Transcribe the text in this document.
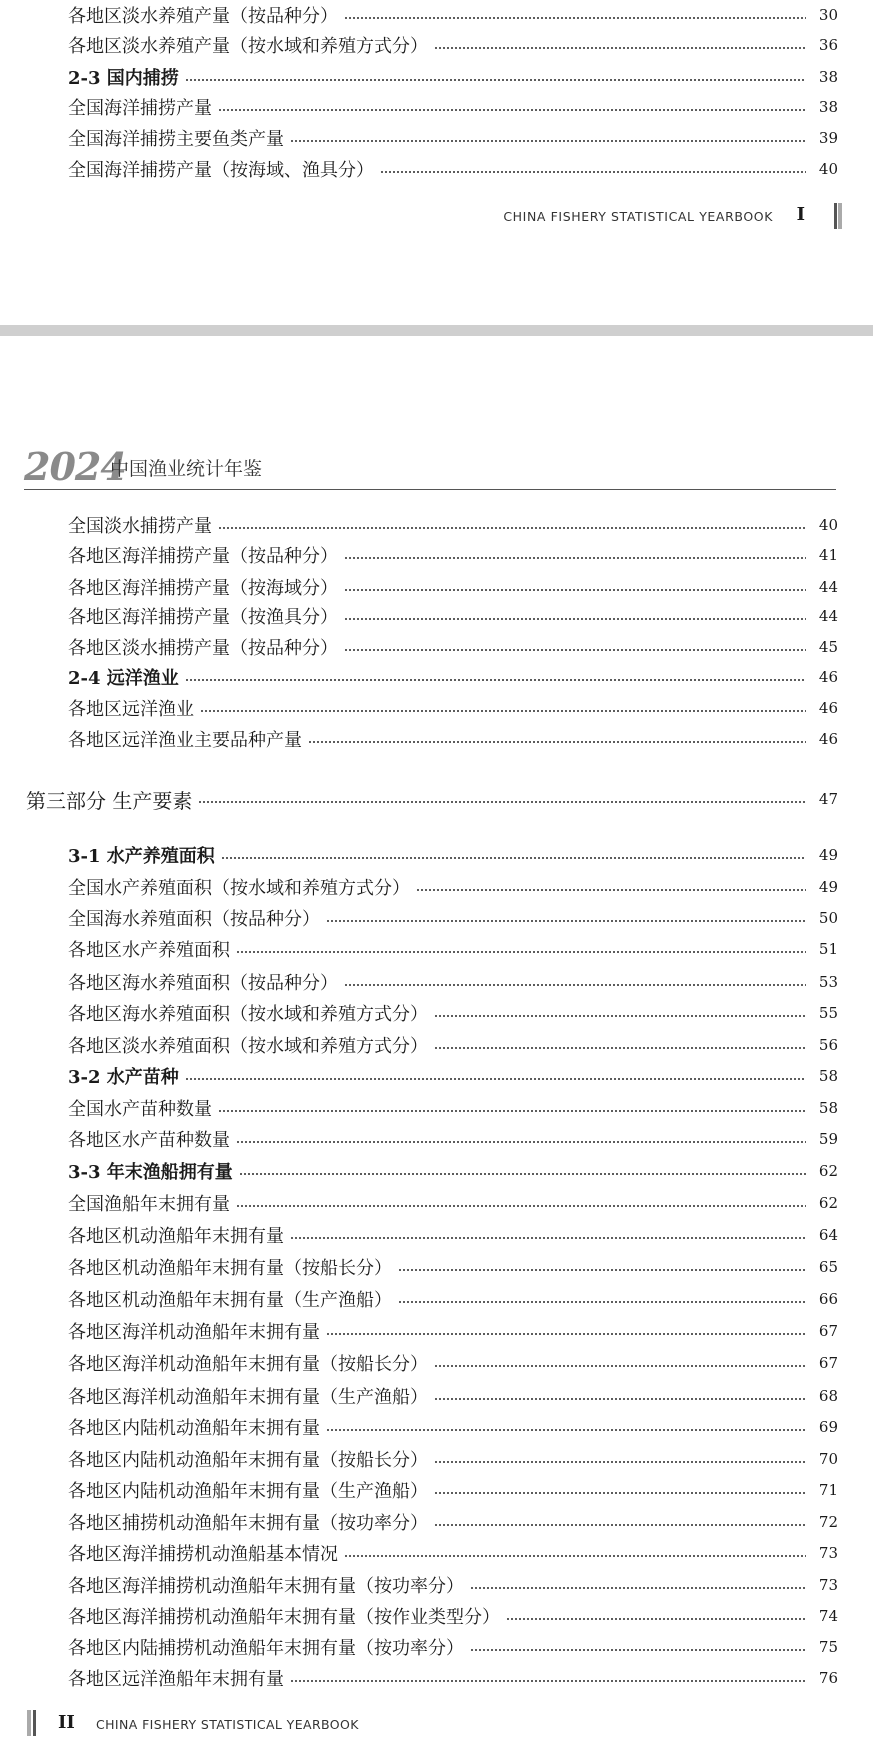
各地区淡水养殖产量（按品种分）	30
各地区淡水养殖产量（按水域和养殖方式分）	36
2-3 国内捕捞	38
全国海洋捕捞产量	38
全国海洋捕捞主要鱼类产量	39
全国海洋捕捞产量（按海域、渔具分）	40
CHINA FISHERY STATISTICAL YEARBOOK I
2024
中国渔业统计年鉴
全国淡水捕捞产量	40
各地区海洋捕捞产量（按品种分）	41
各地区海洋捕捞产量（按海域分）	44
各地区海洋捕捞产量（按渔具分）	44
各地区淡水捕捞产量（按品种分）	45
2-4 远洋渔业	46
各地区远洋渔业	46
各地区远洋渔业主要品种产量	46
第三部分 生产要素	47
3-1 水产养殖面积	49
全国水产养殖面积（按水域和养殖方式分）	49
全国海水养殖面积（按品种分）	50
各地区水产养殖面积	51
各地区海水养殖面积（按品种分）	53
各地区海水养殖面积（按水域和养殖方式分）	55
各地区淡水养殖面积（按水域和养殖方式分）	56
3-2 水产苗种	58
全国水产苗种数量	58
各地区水产苗种数量	59
3-3 年末渔船拥有量	62
全国渔船年末拥有量	62
各地区机动渔船年末拥有量	64
各地区机动渔船年末拥有量（按船长分）	65
各地区机动渔船年末拥有量（生产渔船）	66
各地区海洋机动渔船年末拥有量	67
各地区海洋机动渔船年末拥有量（按船长分）	67
各地区海洋机动渔船年末拥有量（生产渔船）	68
各地区内陆机动渔船年末拥有量	69
各地区内陆机动渔船年末拥有量（按船长分）	70
各地区内陆机动渔船年末拥有量（生产渔船）	71
各地区捕捞机动渔船年末拥有量（按功率分）	72
各地区海洋捕捞机动渔船基本情况	73
各地区海洋捕捞机动渔船年末拥有量（按功率分）	73
各地区海洋捕捞机动渔船年末拥有量（按作业类型分）	74
各地区内陆捕捞机动渔船年末拥有量（按功率分）	75
各地区远洋渔船年末拥有量	76
II CHINA FISHERY STATISTICAL YEARBOOK
